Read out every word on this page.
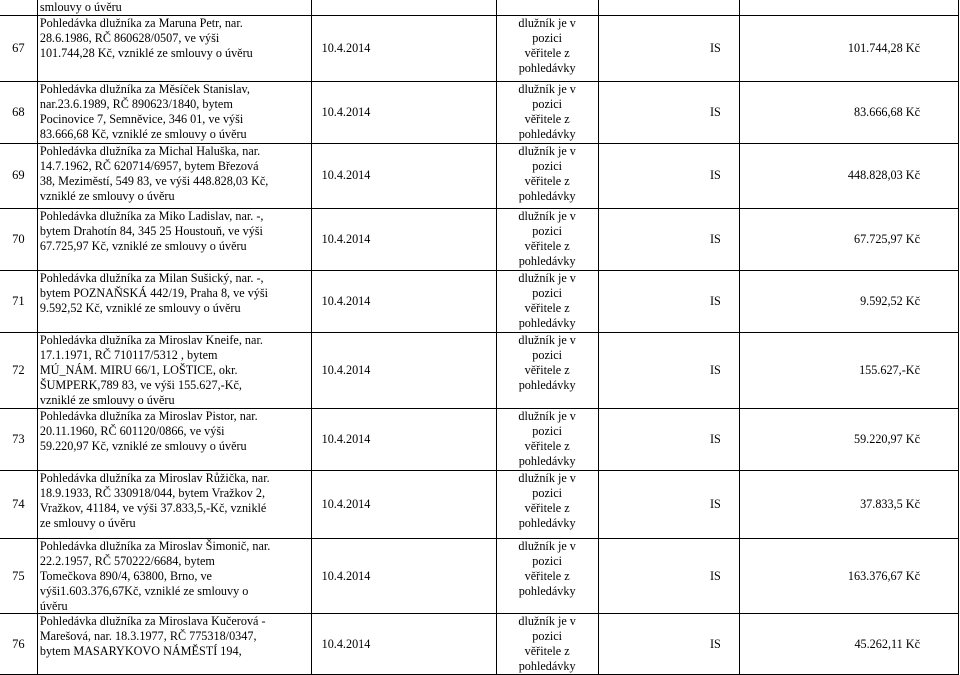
	smlouvy o úvěru				

67	Pohledávka dlužníka za Maruna Petr, nar.
28.6.1986, RČ 860628/0507, ve výši
101.744,28 Kč, vzniklé ze smlouvy o úvěru	10.4.2014	dlužník je v
pozici
věřitele z
pohledávky	IS	101.744,28 Kč
68	Pohledávka dlužníka za Měsíček Stanislav,
nar.23.6.1989, RČ 890623/1840, bytem
Pocinovice 7, Semněvice, 346 01, ve výši
83.666,68 Kč, vzniklé ze smlouvy o úvěru	10.4.2014	dlužník je v
pozici
věřitele z
pohledávky	IS	83.666,68 Kč
69	Pohledávka dlužníka za Michal Haluška, nar.
14.7.1962, RČ 620714/6957, bytem Březová
38, Meziměstí, 549 83, ve výši 448.828,03 Kč,
vzniklé ze smlouvy o úvěru	10.4.2014	dlužník je v
pozici
věřitele z
pohledávky	IS	448.828,03 Kč
70	Pohledávka dlužníka za Miko Ladislav, nar. -,
bytem Drahotín 84, 345 25 Houstouň, ve výši
67.725,97 Kč, vzniklé ze smlouvy o úvěru	10.4.2014	dlužník je v
pozici
věřitele z
pohledávky	IS	67.725,97 Kč
71	Pohledávka dlužníka za Milan Sušický, nar. -,
bytem POZNAŇSKÁ 442/19, Praha 8, ve výši
9.592,52 Kč, vzniklé ze smlouvy o úvěru	10.4.2014	dlužník je v
pozici
věřitele z
pohledávky	IS	9.592,52 Kč
72	Pohledávka dlužníka za Miroslav Kneife, nar.
17.1.1971, RČ 710117/5312 , bytem
MÚ_NÁM. MIRU 66/1, LOŠTICE, okr.
ŠUMPERK,789 83, ve výši 155.627,-Kč,
vzniklé ze smlouvy o úvěru	10.4.2014	dlužník je v
pozici
věřitele z
pohledávky	IS	155.627,-Kč
73	Pohledávka dlužníka za Miroslav Pistor, nar.
20.11.1960, RČ 601120/0866, ve výši
59.220,97 Kč, vzniklé ze smlouvy o úvěru	10.4.2014	dlužník je v
pozici
věřitele z
pohledávky	IS	59.220,97 Kč
74	Pohledávka dlužníka za Miroslav Růžička, nar.
18.9.1933, RČ 330918/044, bytem Vražkov 2,
Vražkov, 41184, ve výši 37.833,5,-Kč, vzniklé
ze smlouvy o úvěru	10.4.2014	dlužník je v
pozici
věřitele z
pohledávky	IS	37.833,5 Kč
75	Pohledávka dlužníka za Miroslav Šimonič, nar.
22.2.1957, RČ 570222/6684, bytem
Tomečkova 890/4, 63800, Brno, ve
výši1.603.376,67Kč, vzniklé ze smlouvy o
úvěru	10.4.2014	dlužník je v
pozici
věřitele z
pohledávky	IS	163.376,67 Kč
76	Pohledávka dlužníka za Miroslava Kučerová -
Marešová, nar. 18.3.1977, RČ 775318/0347,
bytem MASARYKOVO NÁMĚSTÍ 194,	10.4.2014	dlužník je v
pozici
věřitele z
pohledávky	IS	45.262,11 Kč
